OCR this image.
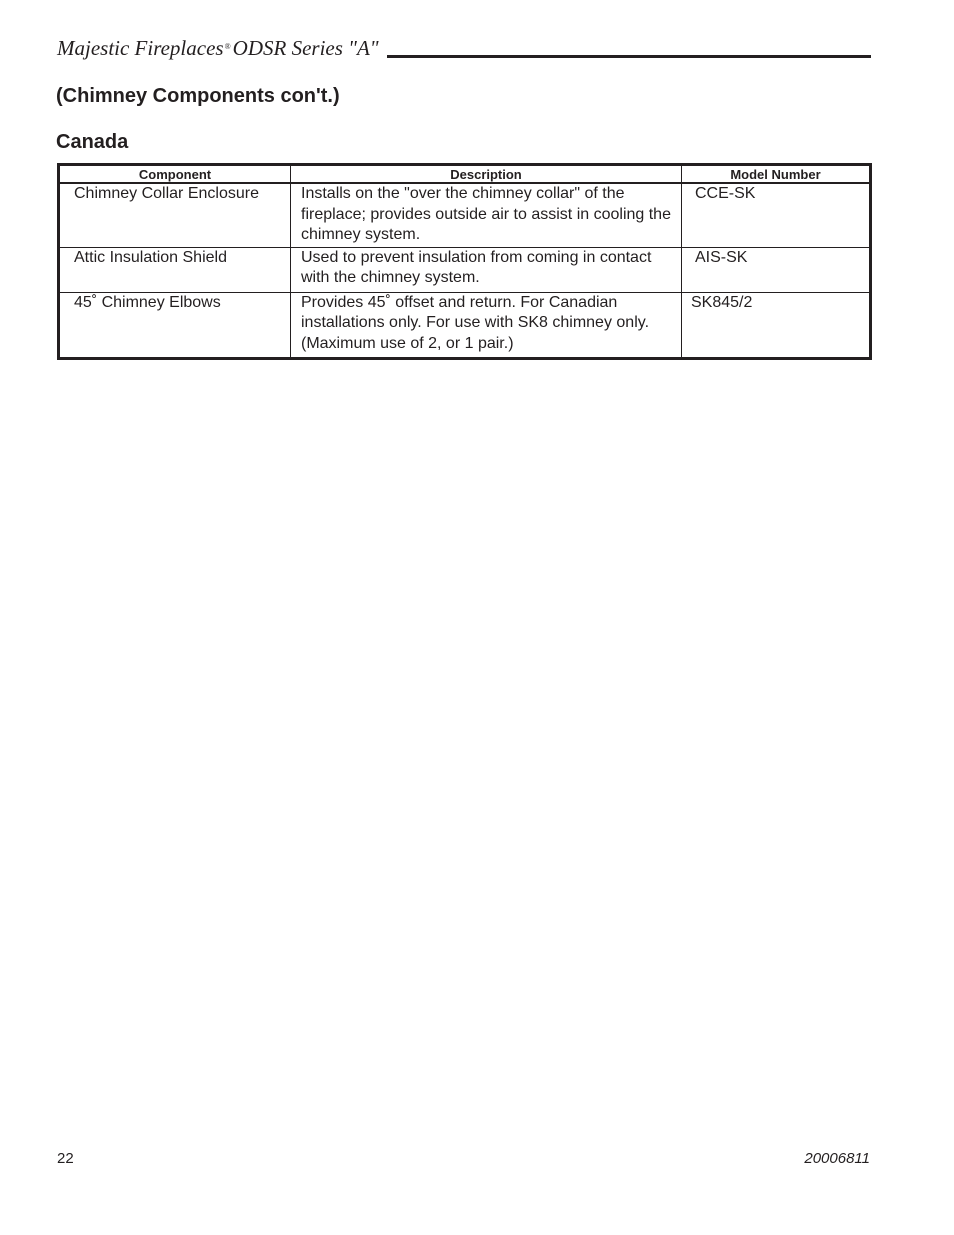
Majestic Fireplaces®ODSR Series "A"
(Chimney Components con't.)
Canada
Component	Description	Model Number
Chimney Collar Enclosure	Installs on the "over the chimney collar" of the fireplace; provides outside air to assist in cooling the chimney system.	CCE-SK
Attic Insulation Shield	Used to prevent insulation from coming in contact with the chimney system.	AIS-SK
45˚ Chimney Elbows	Provides 45˚ offset and return. For Canadian installations only. For use with SK8 chimney only. (Maximum use of 2, or 1 pair.)	SK845/2
22	20006811
